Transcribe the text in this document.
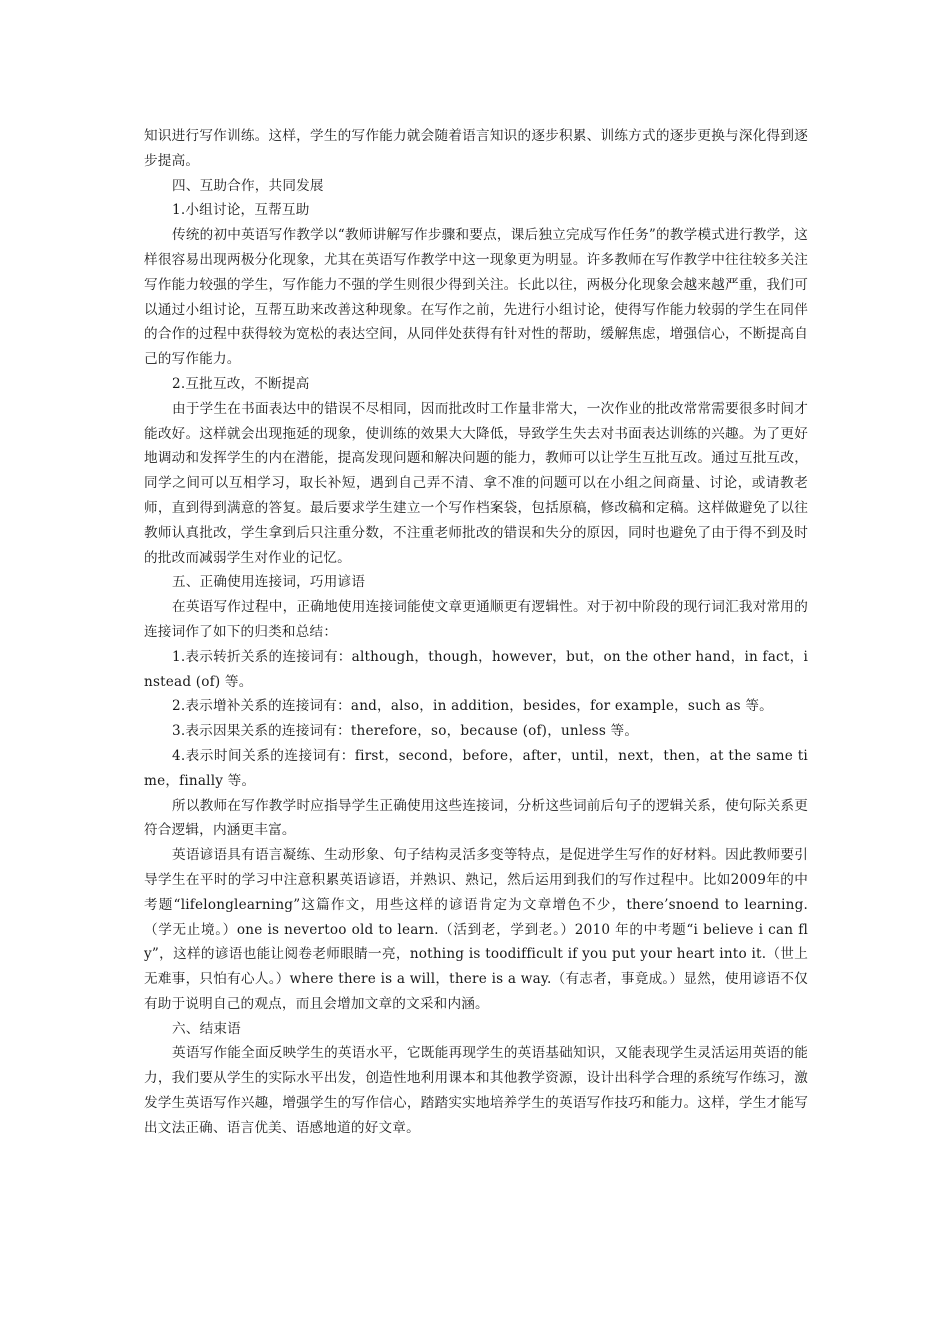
知识进行写作训练。这样，学生的写作能力就会随着语言知识的逐步积累、训练方式的逐步更换与深化得到逐步提高。

四、互助合作，共同发展

1.小组讨论，互帮互助

传统的初中英语写作教学以“教师讲解写作步骤和要点，课后独立完成写作任务”的教学模式进行教学，这样很容易出现两极分化现象，尤其在英语写作教学中这一现象更为明显。许多教师在写作教学中往往较多关注写作能力较强的学生，写作能力不强的学生则很少得到关注。长此以往，两极分化现象会越来越严重，我们可以通过小组讨论，互帮互助来改善这种现象。在写作之前，先进行小组讨论，使得写作能力较弱的学生在同伴的合作的过程中获得较为宽松的表达空间，从同伴处获得有针对性的帮助，缓解焦虑，增强信心，不断提高自己的写作能力。

2.互批互改，不断提高

由于学生在书面表达中的错误不尽相同，因而批改时工作量非常大，一次作业的批改常常需要很多时间才能改好。这样就会出现拖延的现象，使训练的效果大大降低，导致学生失去对书面表达训练的兴趣。为了更好地调动和发挥学生的内在潜能，提高发现问题和解决问题的能力，教师可以让学生互批互改。通过互批互改，同学之间可以互相学习，取长补短，遇到自己弄不清、拿不准的问题可以在小组之间商量、讨论，或请教老师，直到得到满意的答复。最后要求学生建立一个写作档案袋，包括原稿，修改稿和定稿。这样做避免了以往教师认真批改，学生拿到后只注重分数，不注重老师批改的错误和失分的原因，同时也避免了由于得不到及时的批改而减弱学生对作业的记忆。

五、正确使用连接词，巧用谚语

在英语写作过程中，正确地使用连接词能使文章更通顺更有逻辑性。对于初中阶段的现行词汇我对常用的连接词作了如下的归类和总结：

1.表示转折关系的连接词有：although，though，however，but，on the other hand，in fact，instead (of) 等。

2.表示增补关系的连接词有：and，also，in addition，besides，for example，such as 等。

3.表示因果关系的连接词有：therefore，so，because (of)，unless 等。

4.表示时间关系的连接词有：first，second，before，after，until，next，then，at the same time，finally 等。

所以教师在写作教学时应指导学生正确使用这些连接词，分析这些词前后句子的逻辑关系，使句际关系更符合逻辑，内涵更丰富。

英语谚语具有语言凝练、生动形象、句子结构灵活多变等特点，是促进学生写作的好材料。因此教师要引导学生在平时的学习中注意积累英语谚语，并熟识、熟记，然后运用到我们的写作过程中。比如2009年的中考题“lifelonglearning”这篇作文，用些这样的谚语肯定为文章增色不少，there’snoend to learning.（学无止境。）one is nevertoo old to learn.（活到老，学到老。）2010 年的中考题“i believe i can fly”，这样的谚语也能让阅卷老师眼睛一亮，nothing is toodifficult if you put your heart into it.（世上无难事，只怕有心人。）where there is a will，there is a way.（有志者，事竟成。）显然，使用谚语不仅有助于说明自己的观点，而且会增加文章的文采和内涵。

六、结束语

英语写作能全面反映学生的英语水平，它既能再现学生的英语基础知识，又能表现学生灵活运用英语的能力，我们要从学生的实际水平出发，创造性地利用课本和其他教学资源，设计出科学合理的系统写作练习，激发学生英语写作兴趣，增强学生的写作信心，踏踏实实地培养学生的英语写作技巧和能力。这样，学生才能写出文法正确、语言优美、语感地道的好文章。
